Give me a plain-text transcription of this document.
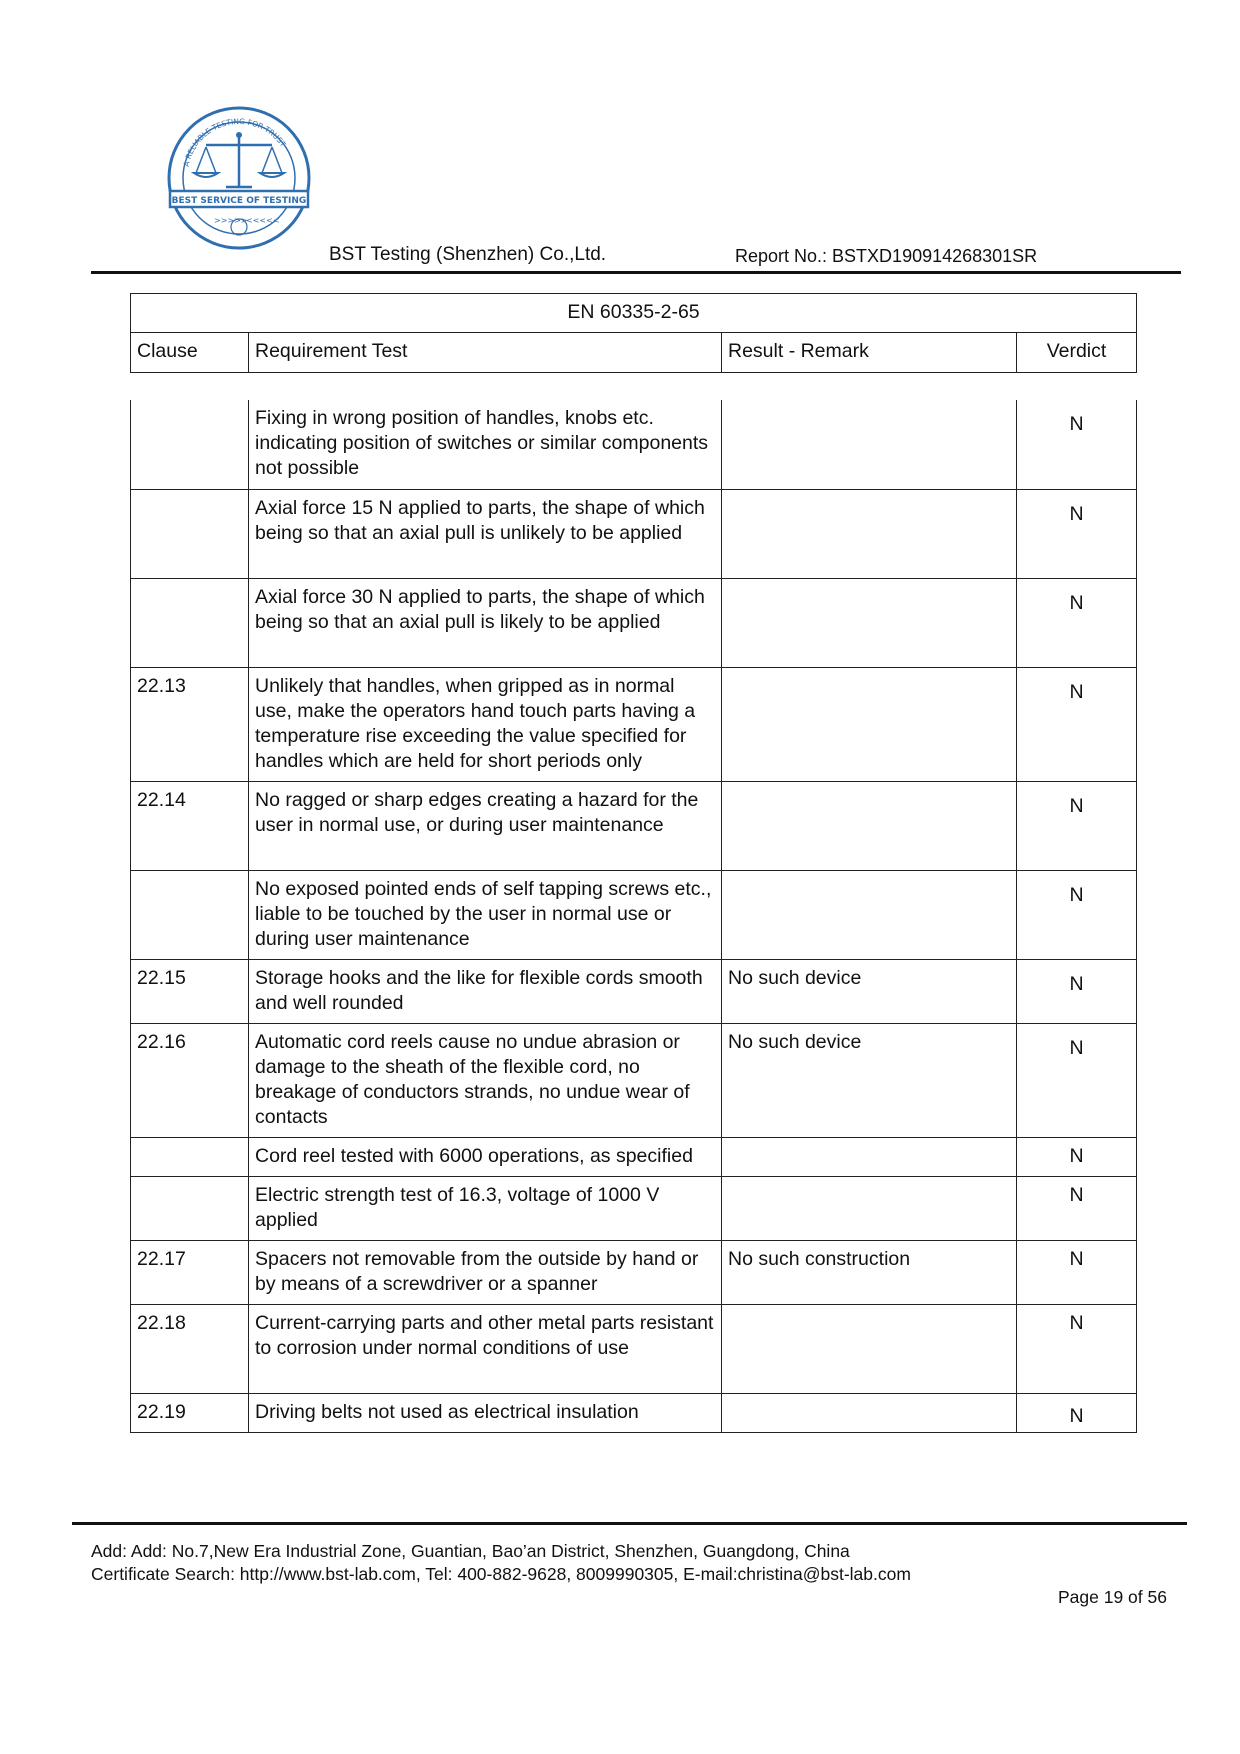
A RELIABLE TESTING FOR TRUST
BEST SERVICE OF TESTING
>>>>>
<<<<<
BST Testing (Shenzhen) Co.,Ltd.	Report No.: BSTXD190914268301SR
EN 60335-2-65
Clause	Requirement Test	Result - Remark	Verdict
	Fixing in wrong position of handles, knobs etc. indicating position of switches or similar components not possible		N
	Axial force 15 N applied to parts, the shape of which being so that an axial pull is unlikely to be applied		N
	Axial force 30 N applied to parts, the shape of which being so that an axial pull is likely to be applied		N
22.13	Unlikely that handles, when gripped as in normal use, make the operators hand touch parts having a temperature rise exceeding the value specified for handles which are held for short periods only		N
22.14	No ragged or sharp edges creating a hazard for the user in normal use, or during user maintenance		N
	No exposed pointed ends of self tapping screws etc., liable to be touched by the user in normal use or during user maintenance		N
22.15	Storage hooks and the like for flexible cords smooth and well rounded	No such device	N
22.16	Automatic cord reels cause no undue abrasion or damage to the sheath of the flexible cord, no breakage of conductors strands, no undue wear of contacts	No such device	N
	Cord reel tested with 6000 operations, as specified		N
	Electric strength test of 16.3, voltage of 1000 V applied		N
22.17	Spacers not removable from the outside by hand or by means of a screwdriver or a spanner	No such construction	N
22.18	Current-carrying parts and other metal parts resistant to corrosion under normal conditions of use		N
22.19	Driving belts not used as electrical insulation		N
Add: Add: No.7,New Era Industrial Zone, Guantian, Bao’an District, Shenzhen, Guangdong, China
Certificate Search: http://www.bst-lab.com, Tel: 400-882-9628, 8009990305, E-mail:christina@bst-lab.com
Page 19 of 56
